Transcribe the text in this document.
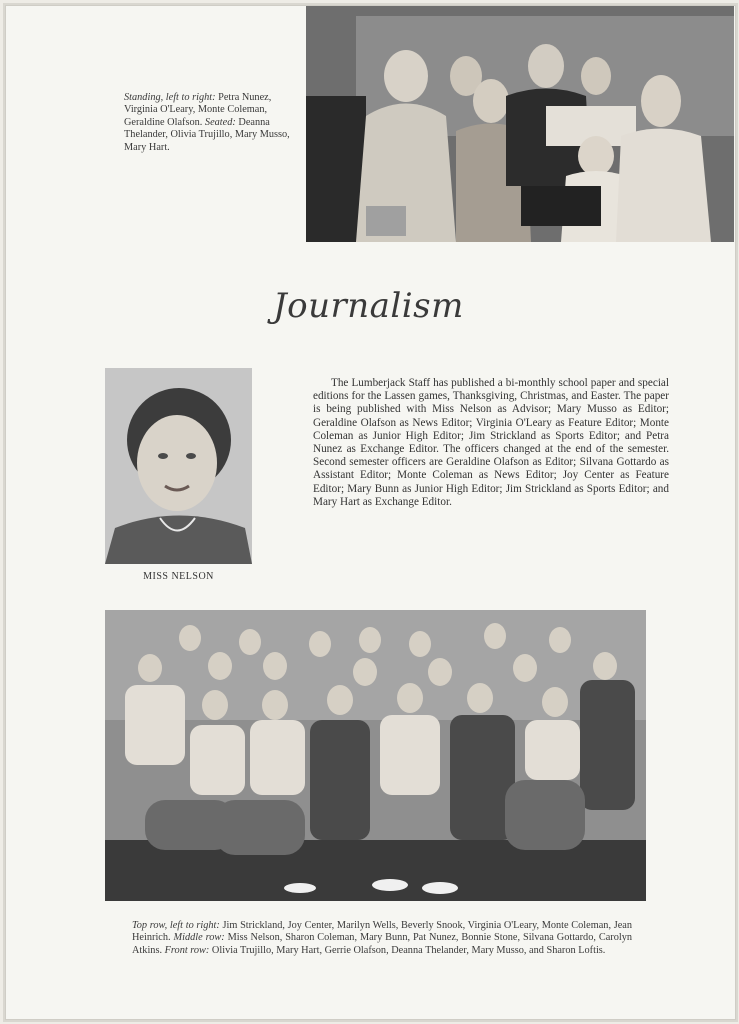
Standing, left to right: Petra Nunez, Virginia O'Leary, Monte Coleman, Geraldine Olafson. Seated: Deanna Thelander, Olivia Trujillo, Mary Musso, Mary Hart.
Journalism
MISS NELSON

The Lumberjack Staff has published a bi-monthly school paper and special editions for the Lassen games, Thanksgiving, Christmas, and Easter. The paper is being published with Miss Nelson as Advisor; Mary Musso as Editor; Geraldine Olafson as News Editor; Virginia O'Leary as Feature Editor; Monte Coleman as Junior High Editor; Jim Strickland as Sports Editor; and Petra Nunez as Exchange Editor. The officers changed at the end of the semester. Second semester officers are Geraldine Olafson as Editor; Silvana Gottardo as Assistant Editor; Monte Coleman as News Editor; Joy Center as Feature Editor; Mary Bunn as Junior High Editor; Jim Strickland as Sports Editor; and Mary Hart as Exchange Editor.

Top row, left to right: Jim Strickland, Joy Center, Marilyn Wells, Beverly Snook, Virginia O'Leary, Monte Coleman, Jean Heinrich. Middle row: Miss Nelson, Sharon Coleman, Mary Bunn, Pat Nunez, Bonnie Stone, Silvana Gottardo, Carolyn Atkins. Front row: Olivia Trujillo, Mary Hart, Gerrie Olafson, Deanna Thelander, Mary Musso, and Sharon Loftis.
